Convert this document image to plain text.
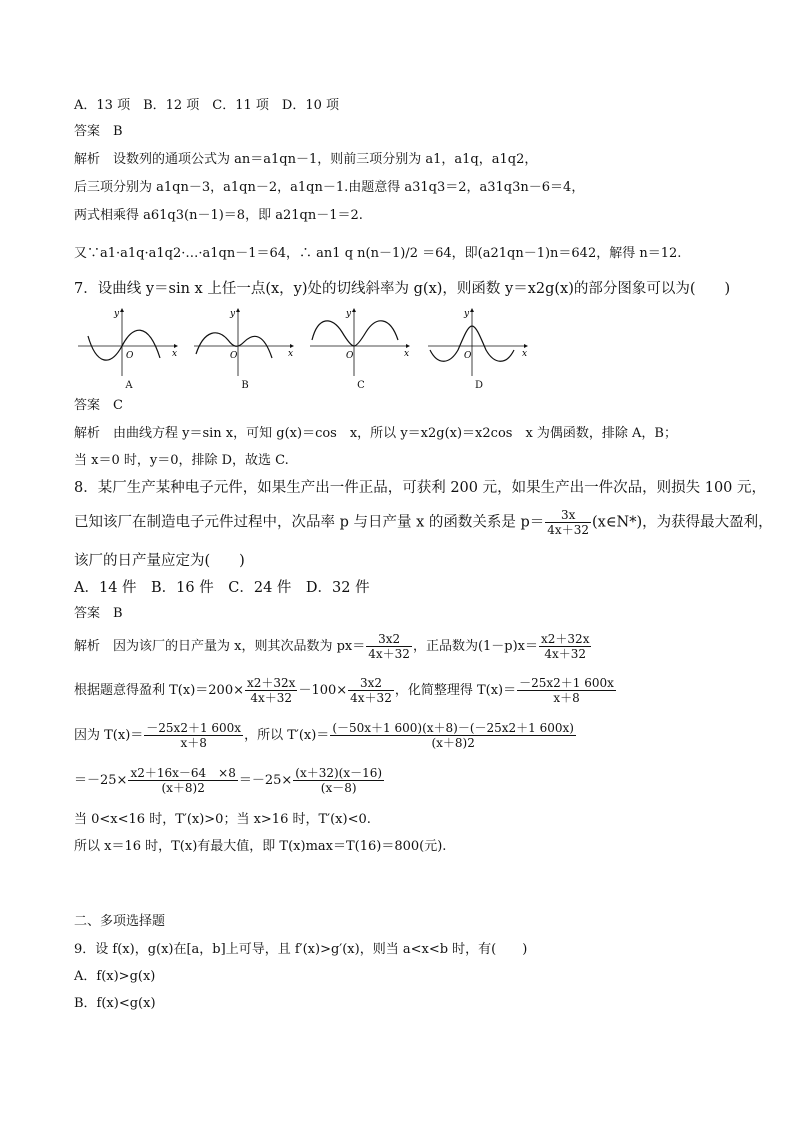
A．13 项　B．12 项　C．11 项　D．10 项
答案　B
解析　设数列的通项公式为 an＝a1qn－1，则前三项分别为 a1，a1q，a1q2，
后三项分别为 a1qn－3，a1qn－2，a1qn－1.由题意得 a31q3＝2，a31q3n－6＝4，
两式相乘得 a61q3(n－1)＝8，即 a21qn－1＝2.
又∵a1·a1q·a1q2·…·a1qn－1＝64，∴ an1 q n(n－1)/2 ＝64，即(a21qn－1)n＝642，解得 n＝12.
7．设曲线 y＝sin x 上任一点(x，y)处的切线斜率为 g(x)，则函数 y＝x2g(x)的部分图象可以为(　　)
O
y
x
A
O
y
x
B
O
y
x
C
O
y
x
D
答案　C
解析　由曲线方程 y＝sin x，可知 g(x)＝cos　x，所以 y＝x2g(x)＝x2cos　x 为偶函数，排除 A，B；
当 x＝0 时，y＝0，排除 D，故选 C.
8．某厂生产某种电子元件，如果生产出一件正品，可获利 200 元，如果生产出一件次品，则损失 100 元，
已知该厂在制造电子元件过程中，次品率 p 与日产量 x 的函数关系是 $p= \frac{3x}{4x+32}$ (x∈N*)，为获得最大盈利，
该厂的日产量应定为(　　)
A．14 件　B．16 件　C．24 件　D．32 件
答案　B
解析　因为该厂的日产量为 x，则其次品数为 $px= \frac{3x2}{4x+32}$ ，正品数为$(1-p)x= \frac{x2+32x}{4x+32}$
根据题意得盈利 $T(x)=200\times \frac{x2+32x}{4x+32} -100\times \frac{3x2}{4x+32}$ ，化简整理得 $T(x)= \frac{-25x2+1 600x}{x+8}$
因为 $T(x)= \frac{-25x2+1 600x}{x+8}$ ，所以 $T'(x)= \frac{(-50x+1 600)(x+8)-(-25x2+1 600x)}{(x+8)2}$
$=-25\times \frac{x2+16x-64 \times 8}{(x+8)2} =-25\times \frac{(x+32)(x-16)}{(x-8)}$
当 0<x<16 时，T′(x)>0；当 x>16 时，T′(x)<0.
所以 x＝16 时，T(x)有最大值，即 T(x)max＝T(16)＝800(元).
二、多项选择题
9．设 f(x)，g(x)在[a，b]上可导，且 f′(x)>g′(x)，则当 a<x<b 时，有(　　)
A．f(x)>g(x)
B．f(x)<g(x)
